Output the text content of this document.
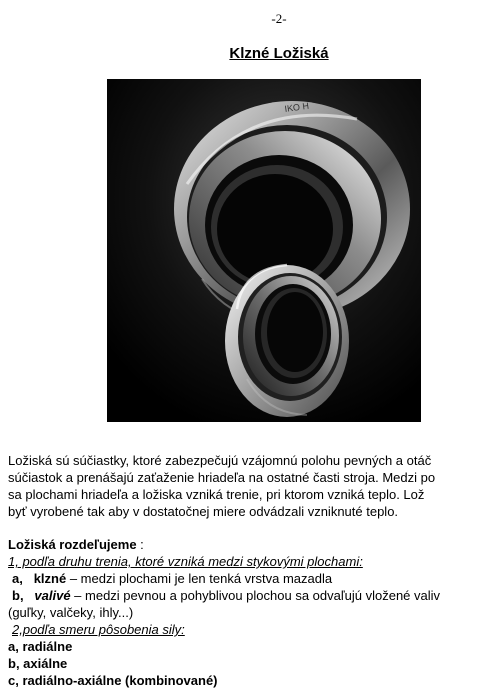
-2-
Klzné Ložiská
IKO H
Ložiská sú súčiastky, ktoré zabezpečujú vzájomnú polohu pevných a otáč
súčiastok a prenášajú zaťaženie hriadeľa na ostatné časti stroja. Medzi po
sa plochami hriadeľa a ložiska vzniká trenie, pri ktorom vzniká teplo. Lož
byť vyrobené tak aby v dostatočnej miere odvádzali vzniknuté teplo.
Ložiská rozdeľujeme :
1, podľa druhu trenia, ktoré vzniká medzi stykovými plochami:
a, klzné – medzi plochami je len tenká vrstva mazadla
b, valivé – medzi pevnou a pohyblivou plochou sa odvaľujú vložené valiv
(guľky, valčeky, ihly...)
2,podľa smeru pôsobenia sily:
a, radiálne
b, axiálne
c, radiálno-axiálne (kombinované)
